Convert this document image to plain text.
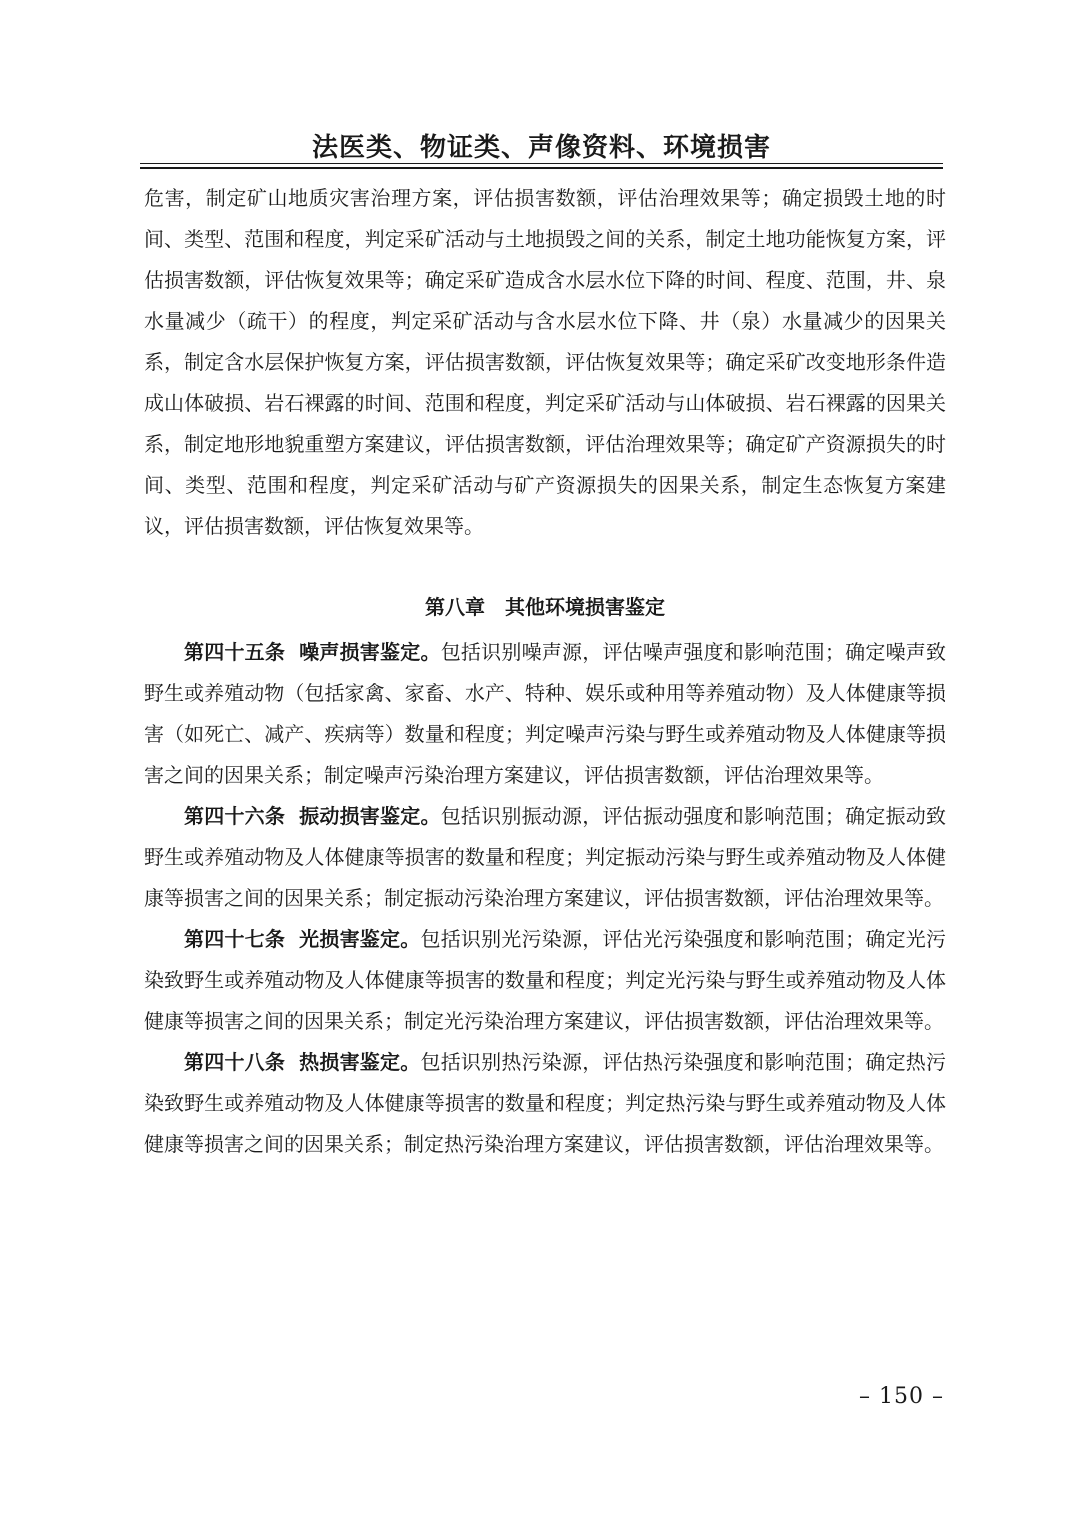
法医类、物证类、声像资料、环境损害

危害，制定矿山地质灾害治理方案，评估损害数额，评估治理效果等；确定损毁土地的时间、类型、范围和程度，判定采矿活动与土地损毁之间的关系，制定土地功能恢复方案，评估损害数额，评估恢复效果等；确定采矿造成含水层水位下降的时间、程度、范围，井、泉水量减少（疏干）的程度，判定采矿活动与含水层水位下降、井（泉）水量减少的因果关系，制定含水层保护恢复方案，评估损害数额，评估恢复效果等；确定采矿改变地形条件造成山体破损、岩石裸露的时间、范围和程度，判定采矿活动与山体破损、岩石裸露的因果关系，制定地形地貌重塑方案建议，评估损害数额，评估治理效果等；确定矿产资源损失的时间、类型、范围和程度，判定采矿活动与矿产资源损失的因果关系，制定生态恢复方案建议，评估损害数额，评估恢复效果等。

第八章 其他环境损害鉴定

第四十五条 噪声损害鉴定。包括识别噪声源，评估噪声强度和影响范围；确定噪声致野生或养殖动物（包括家禽、家畜、水产、特种、娱乐或种用等养殖动物）及人体健康等损害（如死亡、减产、疾病等）数量和程度；判定噪声污染与野生或养殖动物及人体健康等损害之间的因果关系；制定噪声污染治理方案建议，评估损害数额，评估治理效果等。

第四十六条 振动损害鉴定。包括识别振动源，评估振动强度和影响范围；确定振动致野生或养殖动物及人体健康等损害的数量和程度；判定振动污染与野生或养殖动物及人体健康等损害之间的因果关系；制定振动污染治理方案建议，评估损害数额，评估治理效果等。

第四十七条 光损害鉴定。包括识别光污染源，评估光污染强度和影响范围；确定光污染致野生或养殖动物及人体健康等损害的数量和程度；判定光污染与野生或养殖动物及人体健康等损害之间的因果关系；制定光污染治理方案建议，评估损害数额，评估治理效果等。

第四十八条 热损害鉴定。包括识别热污染源，评估热污染强度和影响范围；确定热污染致野生或养殖动物及人体健康等损害的数量和程度；判定热污染与野生或养殖动物及人体健康等损害之间的因果关系；制定热污染治理方案建议，评估损害数额，评估治理效果等。

– 150 –
